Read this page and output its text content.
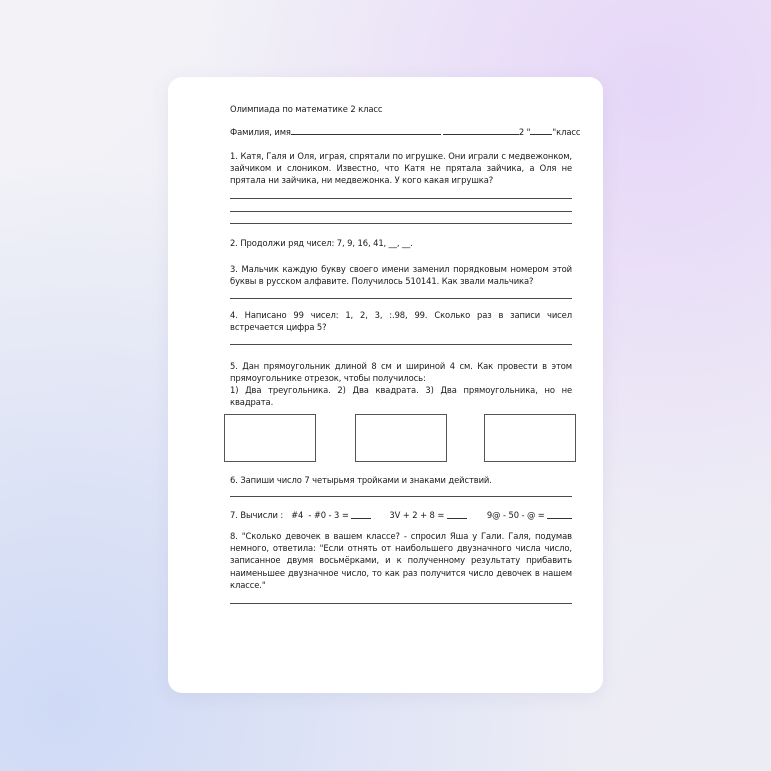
Олимпиада по математике 2 класс
Фамилия, имя	2 "	"класс
1. Катя, Галя и Оля, играя, спрятали по игрушке. Они играли с медвежонком, зайчиком и слоником. Известно, что Катя не прятала зайчика, а Оля не прятала ни зайчика, ни медвежонка. У кого какая игрушка?
2. Продолжи ряд чисел: 7, 9, 16, 41, __, __.
3. Мальчик каждую букву своего имени заменил порядковым номером этой буквы в русском алфавите. Получилось 510141. Как звали мальчика?
4. Написано 99 чисел: 1, 2, 3, :.98, 99. Сколько раз в записи чисел встречается цифра 5?
5. Дан прямоугольник длиной 8 см и шириной 4 см. Как провести в этом прямоугольнике отрезок, чтобы получилось:
1) Два треугольника. 2) Два квадрата. 3) Два прямоугольника, но не квадрата.
6. Запиши число 7 четырьмя тройками и знаками действий.
7. Вычисли : #4  - #0 - 3 =	3V + 2 + 8 =	9@ - 50 - @ =
8. "Сколько девочек в вашем классе? - спросил Яша у Гали. Галя, подумав немного, ответила: "Если отнять от наибольшего двузначного числа число, записанное двумя восьмёрками, и к полученному результату прибавить наименьшее двузначное число, то как раз получится число девочек в нашем классе."
